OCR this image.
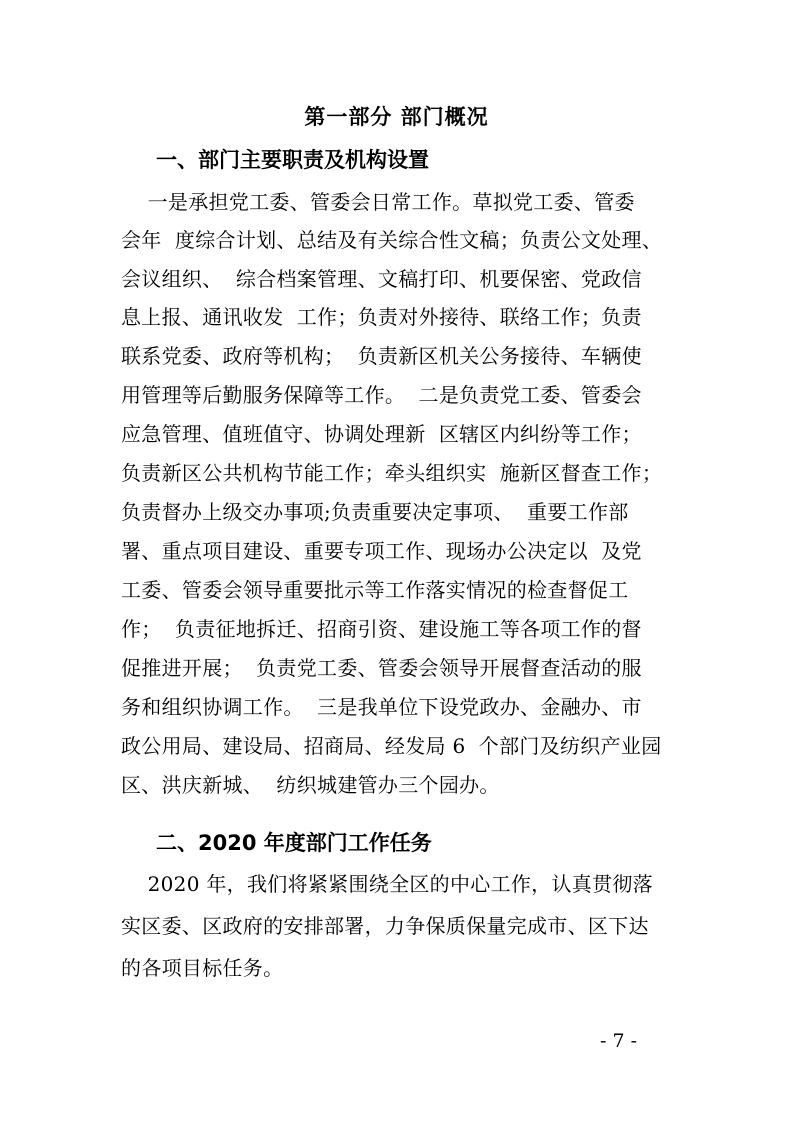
第一部分 部门概况
一、部门主要职责及机构设置
一是承担党工委、管委会日常工作。草拟党工委、管委
会年  度综合计划、总结及有关综合性文稿；负责公文处理、
会议组织、  综合档案管理、文稿打印、机要保密、党政信
息上报、通讯收发  工作；负责对外接待、联络工作；负责
联系党委、政府等机构；  负责新区机关公务接待、车辆使
用管理等后勤服务保障等工作。  二是负责党工委、管委会
应急管理、值班值守、协调处理新  区辖区内纠纷等工作；
负责新区公共机构节能工作；牵头组织实  施新区督查工作；
负责督办上级交办事项;负责重要决定事项、  重要工作部
署、重点项目建设、重要专项工作、现场办公决定以  及党
工委、管委会领导重要批示等工作落实情况的检查督促工
作；  负责征地拆迁、招商引资、建设施工等各项工作的督
促推进开展；  负责党工委、管委会领导开展督查活动的服
务和组织协调工作。  三是我单位下设党政办、金融办、市
政公用局、建设局、招商局、经发局 6  个部门及纺织产业园
区、洪庆新城、  纺织城建管办三个园办。
二、2020 年度部门工作任务
2020 年，我们将紧紧围绕全区的中心工作，认真贯彻落
实区委、区政府的安排部署，力争保质保量完成市、区下达
的各项目标任务。
- 7 -
